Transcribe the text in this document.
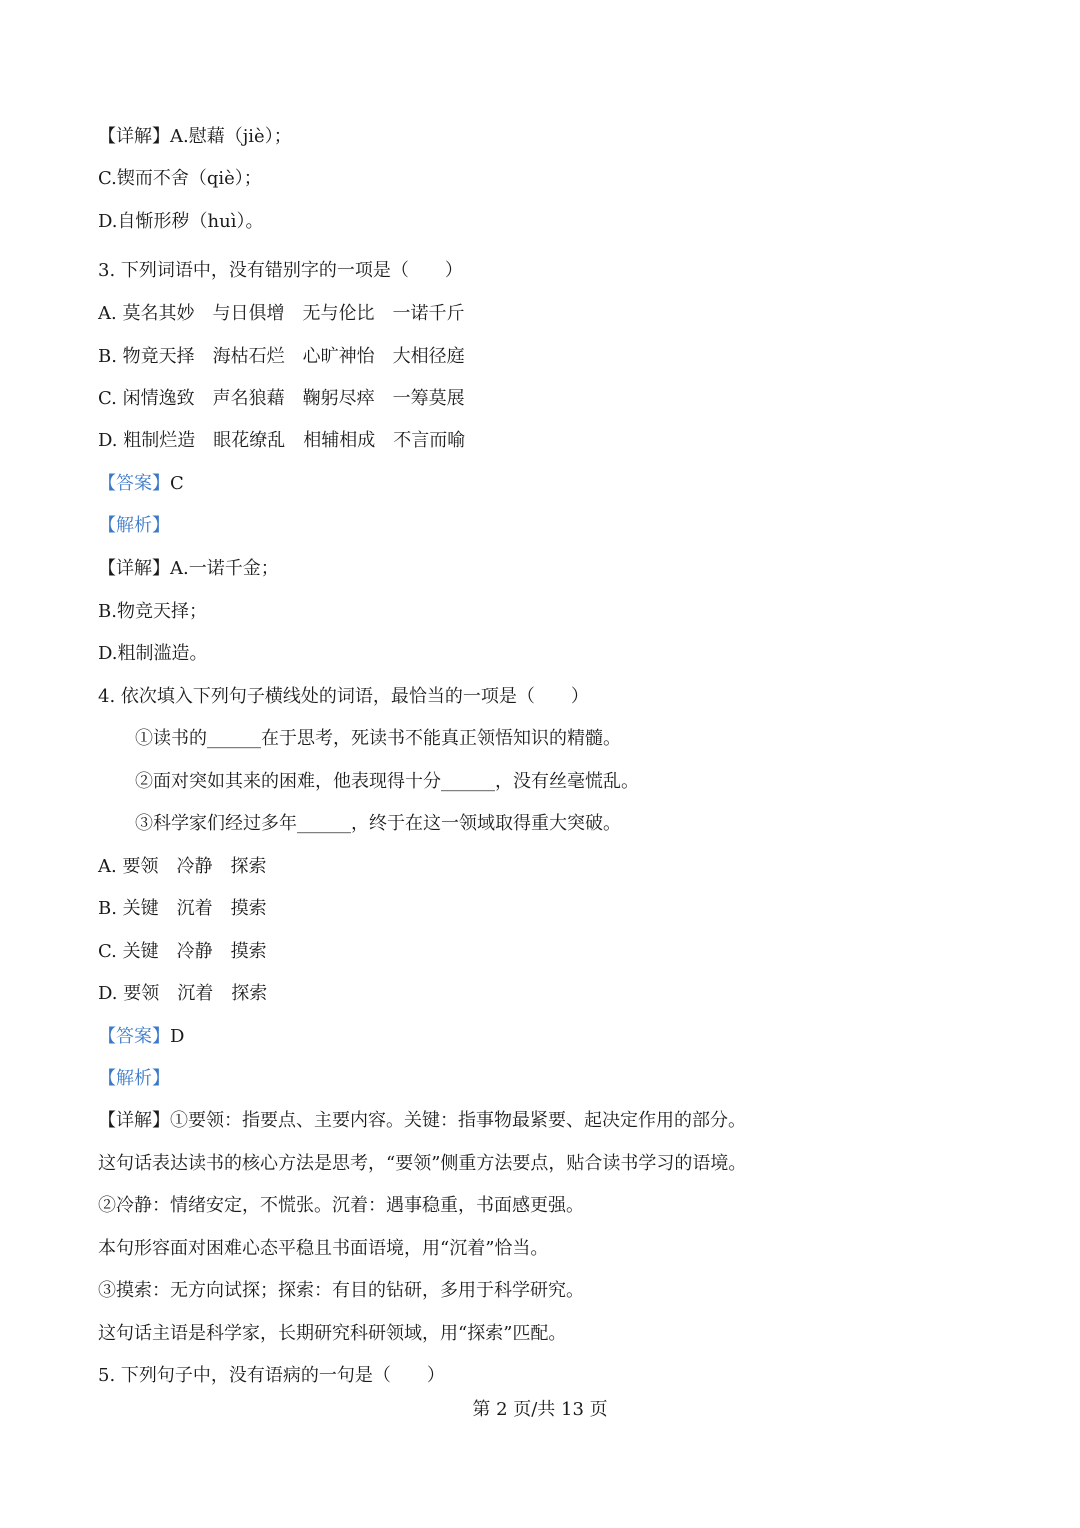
【详解】A.慰藉（jiè）；
C.锲而不舍（qiè）；
D.自惭形秽（huì）。
3. 下列词语中，没有错别字的一项是（　　）
A. 莫名其妙　与日俱增　无与伦比　一诺千斤
B. 物竟天择　海枯石烂　心旷神怡　大相径庭
C. 闲情逸致　声名狼藉　鞠躬尽瘁　一筹莫展
D. 粗制烂造　眼花缭乱　相辅相成　不言而喻
【答案】C
【解析】
【详解】A.一诺千金；
B.物竞天择；
D.粗制滥造。
4. 依次填入下列句子横线处的词语，最恰当的一项是（　　）
①读书的______在于思考，死读书不能真正领悟知识的精髓。
②面对突如其来的困难，他表现得十分______，没有丝毫慌乱。
③科学家们经过多年______，终于在这一领域取得重大突破。
A. 要领　冷静　探索
B. 关键　沉着　摸索
C. 关键　冷静　摸索
D. 要领　沉着　探索
【答案】D
【解析】
【详解】①要领：指要点、主要内容。关键：指事物最紧要、起决定作用的部分。
这句话表达读书的核心方法是思考，“要领”侧重方法要点，贴合读书学习的语境。
②冷静：情绪安定，不慌张。沉着：遇事稳重，书面感更强。
本句形容面对困难心态平稳且书面语境，用“沉着”恰当。
③摸索：无方向试探；探索：有目的钻研，多用于科学研究。
这句话主语是科学家，长期研究科研领域，用“探索”匹配。
5. 下列句子中，没有语病的一句是（　　）
第 2 页/共 13 页
